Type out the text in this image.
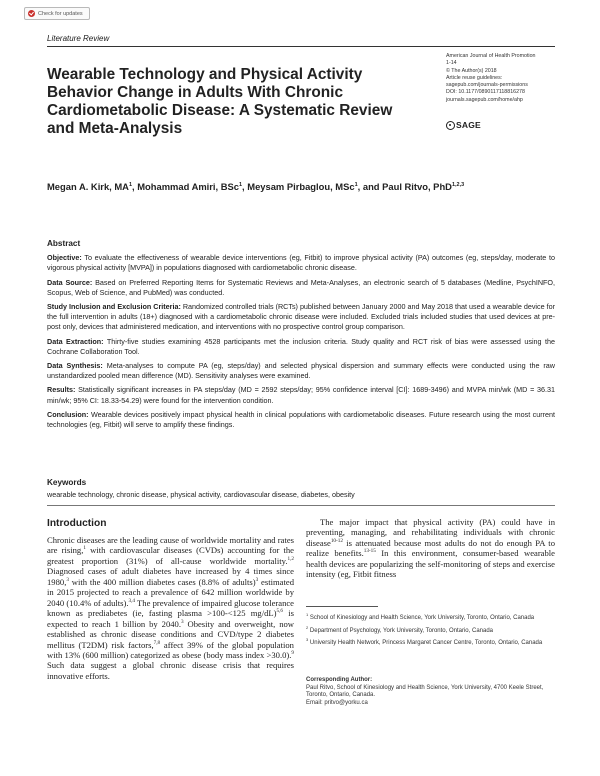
Check for updates
Literature Review
Wearable Technology and Physical Activity Behavior Change in Adults With Chronic Cardiometabolic Disease: A Systematic Review and Meta-Analysis
American Journal of Health Promotion
1-14
© The Author(s) 2018
Article reuse guidelines:
sagepub.com/journals-permissions
DOI: 10.1177/0890117118816278
journals.sagepub.com/home/ahp
SAGE
Megan A. Kirk, $MA^1$, Mohammad Amiri, BSc$^1$, Meysam Pirbaglou, MSc$^1$, and Paul Ritvo, PhD$^{1,2,3}$
Abstract

Objective: To evaluate the effectiveness of wearable device interventions (eg, Fitbit) to improve physical activity (PA) outcomes (eg, steps/day, moderate to vigorous physical activity [MVPA]) in populations diagnosed with cardiometabolic chronic disease.

Data Source: Based on Preferred Reporting Items for Systematic Reviews and Meta-Analyses, an electronic search of 5 databases (Medline, PsychINFO, Scopus, Web of Science, and PubMed) was conducted.

Study Inclusion and Exclusion Criteria: Randomized controlled trials (RCTs) published between January 2000 and May 2018 that used a wearable device for the full intervention in adults (18+) diagnosed with a cardiometabolic chronic disease were included. Excluded trials included studies that used devices at pre-post only, devices that administered medication, and interventions with no prospective control group comparison.

Data Extraction: Thirty-five studies examining 4528 participants met the inclusion criteria. Study quality and RCT risk of bias were assessed using the Cochrane Collaboration Tool.

Data Synthesis: Meta-analyses to compute PA (eg, steps/day) and selected physical dispersion and summary effects were conducted using the raw unstandardized pooled mean difference (MD). Sensitivity analyses were examined.

Results: Statistically significant increases in PA steps/day (MD = 2592 steps/day; 95% confidence interval [CI]: 1689-3496) and MVPA min/wk (MD = 36.31 min/wk; 95% CI: 18.33-54.29) were found for the intervention condition.

Conclusion: Wearable devices positively impact physical health in clinical populations with cardiometabolic diseases. Future research using the most current technologies (eg, Fitbit) will serve to amplify these findings.

Keywords
wearable technology, chronic disease, physical activity, cardiovascular disease, diabetes, obesity
Introduction
Chronic diseases are the leading cause of worldwide mortality and rates are rising,$^1$ with cardiovascular diseases (CVDs) accounting for the greatest proportion (31%) of all-cause worldwide mortality.$^{1,2}$ Diagnosed cases of adult diabetes have increased by 4 times since 1980,$^3$ with the 400 million diabetes cases (8.8% of adults)$^3$ estimated in 2015 projected to reach a prevalence of 642 million worldwide by 2040 (10.4% of adults).$^{3,4}$ The prevalence of impaired glucose tolerance known as prediabetes (ie, fasting plasma >100-<125 mg/dL)$^{5,6}$ is expected to reach 1 billion by 2040.$^3$ Obesity and overweight, now established as chronic disease conditions and CVD/type 2 diabetes mellitus (T2DM) risk factors,$^{7,8}$ affect 39% of the global population with 13% (600 million) categorized as obese (body mass index >30.0).$^9$ Such data suggest a global chronic disease crisis that requires innovative efforts.
The major impact that physical activity (PA) could have in preventing, managing, and rehabilitating individuals with chronic disease$^{10-12}$ is attenuated because most adults do not do enough PA to realize benefits.$^{13-15}$ In this environment, consumer-based wearable health devices are popularizing the self-monitoring of steps and exercise intensity (eg, Fitbit fitness
$^1$ School of Kinesiology and Health Science, York University, Toronto, Ontario, Canada
$^2$ Department of Psychology, York University, Toronto, Ontario, Canada
$^3$ University Health Network, Princess Margaret Cancer Centre, Toronto, Ontario, Canada
Corresponding Author:
Paul Ritvo, School of Kinesiology and Health Science, York University, 4700 Keele Street, Toronto, Ontario, Canada.
Email: pritvo@yorku.ca
